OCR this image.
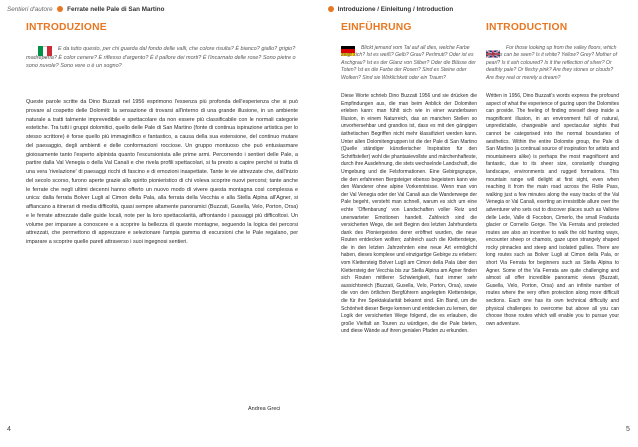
Sentieri d'autore Ferrate nelle Pale di San Martino
INTRODUZIONE
E da tutto questo, per chi guarda dal fondo delle valli, che colore risulta? È bianco? giallo? grigio? madreperla? È color cenere? È riflesso d'argento? È il pallore dei morti? È l'incarnato delle rose? Sono pietre o sono nuvole? Sono vere o è un sogno?
Queste parole scritte da Dino Buzzati nel 1956 esprimono l'essenza più profonda dell'esperienza che si può provare al cospetto delle Dolomiti: la sensazione di trovarsi all'interno di una grande illusione, in un ambiente naturale a tratti talmente imprevedibile e spettacolare da non essere più classificabile con le normali categorie estetiche. Tra tutti i gruppi dolomitici, quello delle Pale di San Martino (fonte di continua ispirazione artistica per lo stesso scrittore) è forse quello più immaginifico e fantastico, a causa della sua estensione, del continuo mutare del paesaggio, degli ambienti e delle conformazioni rocciose. Un gruppo montuoso che può entusiasmare gioiosamente tanto l'esperto alpinista quanto l'escursionista alle prime armi. Percorrendo i sentieri delle Pale, a partire dalla Val Venegia o della Val Canali e che rivela profili spettacolari, si fa presto a capire perché si tratta di una vera 'rivelazione' di paesaggi ricchi di fascino e di emozioni inaspettate. Tante le vie attrezzate che, dall'inizio del secolo scorso, furono aperte grazie allo spirito pionieristico di chi voleva scoprire nuovi percorsi; tante anche le ferrate che negli ultimi decenni hanno offerto un nuovo modo di vivere questa montagna così complessa e unica: dalla ferrata Bolver Lugli al Cimon della Pala, alla ferrata della Vecchia e alla Stella Alpina all'Agner, si affiancano a itinerari di media difficoltà, quasi sempre altamente panoramici (Buzzati, Gusella, Velo, Porton, Orsa) e le ferrate attrezzate dalle guide locali, note per la loro spettacolarità, affrontando i passaggi più difficoltosi. Un volume per imparare a conoscere e a scoprire la bellezza di queste montagne, seguendo la logica dei percorsi attrezzati, che permettono di apprezzare e selezionare l'ampia gamma di escursioni che le Pale regalano, per imparare a scoprire quelle pareti attraverso i suoi ingegnosi sentieri.
Andrea Greci
4
Introduzione / Einleitung / Introduction
EINFÜHRUNG
Blickt jemand vom Tal auf all dies, welche Farbe zeigt sich? Ist es weiß? Gelb? Grau? Perlmutt? Oder ist es Aschgrau? Ist es der Glanz von Silber? Oder die Blässe der Toten? Ist es die Farbe der Rosen? Sind es Steine oder Wolken? Sind sie Wirklichkeit oder ein Traum?
Diese Worte schrieb Dino Buzzati 1956 und sie drücken die Empfindungen aus, die man beim Anblick der Dolomiten erleben kann: man fühlt sich wie in einer wunderbaren Illusion, in einem Naturreich, das an manchen Stellen so unvorhersehbar und grandios ist, dass es mit den gängigen ästhetischen Begriffen nicht mehr klassifiziert werden kann. Unter allen Dolomitengruppen ist die der Pale di San Martino (Quelle ständiger künstlerischer Inspiration für den Schriftsteller) wohl die phantasievollste und märchenhafteste, durch ihre Ausdehnung, die stets wechselnde Landschaft, die Umgebung und die Felsformationen. Eine Gebirgsgruppe, die den erfahrenen Bergsteiger ebenso begeistern kann wie den Wanderer ohne alpine Vorkenntnisse. Wenn man von der Val Venegia oder der Val Canali aus die Wanderwege der Pale begeht, versteht man schnell, warum es sich um eine echte 'Offenbarung' von Landschaften voller Reiz und unerwarteter Emotionen handelt. Zahlreich sind die versicherten Wege, die seit Beginn des letzten Jahrhunderts dank des Pioniergeistes derer eröffnet wurden, die neue Routen entdecken wollten; zahlreich auch die Klettersteige, die in den letzten Jahrzehnten eine neue Art ermöglicht haben, dieses komplexe und einzigartige Gebirge zu erleben: vom Klettersteig Bolver Lugli am Cimon della Pala über den Klettersteig der Vecchia bis zur Stella Alpina am Agner finden sich Routen mittlerer Schwierigkeit, fast immer sehr aussichtsreich (Buzzati, Gusella, Velo, Porton, Orsa), sowie die von den örtlichen Bergführern angelegten Klettersteige, die für ihre Spektakularität bekannt sind. Ein Band, um die Schönheit dieser Berge kennen und entdecken zu lernen, der Logik der versicherten Wege folgend, die es erlauben, die große Vielfalt an Touren zu würdigen, die die Pale bieten, und diese Wände auf ihren genialen Pfaden zu erkunden.
INTRODUCTION
For those looking up from the valley floors, which colours can be seen? Is it white? Yellow? Grey? Mother of pearl? Is it ash coloured? Is it the reflection of silver? Or deathly pale? Or fleshy pink? Are they stones or clouds? Are they real or merely a dream?
Written in 1956, Dino Buzzati's words express the profound aspect of what the experience of gazing upon the Dolomites can provide. The feeling of finding oneself deep inside a magnificent illusion, in an environment full of natural, unpredictable, changeable and spectacular sights that cannot be categorised into the normal boundaries of aesthetics. Within the entire Dolomite group, the Pale di San Martino (a continual source of inspiration for artists and mountaineers alike) is perhaps the most magnificent and fantastic, due to its sheer size, constantly changing landscape, environments and rugged formations. This mountain range will delight at first sight, even when reaching it from the main road across the Rolle Pass, walking just a few minutes along the easy tracks of the Val Venegia or Val Canali, exerting an irresistible allure over the adventurer who sets out to discover places such as Vallone delle Lede, Valle di Focobon, Cimerlo, the small Fradusta glacier or Cornelio Gorge. The Via Ferrata and protected routes are also an incentive to walk the old hunting ways, encounter sheep or chamois, gaze upon strangely shaped rocky pinnacles and steep and isolated gullies. There are long routes such as Bolver Lugli at Cimon della Pala, or short Via Ferrata for beginners such as Stella Alpina to Agner. Some of the Via Ferrata are quite challenging and almost all offer incredible panoramic views (Buzzati, Gusella, Velo, Porton, Orsa) and an infinite number of routes where the very often protection along more difficult sections. Each one has its own technical difficulty and physical challenges to overcome but above all you can choose those routes which will enable you to pursue your own adventure.
5
